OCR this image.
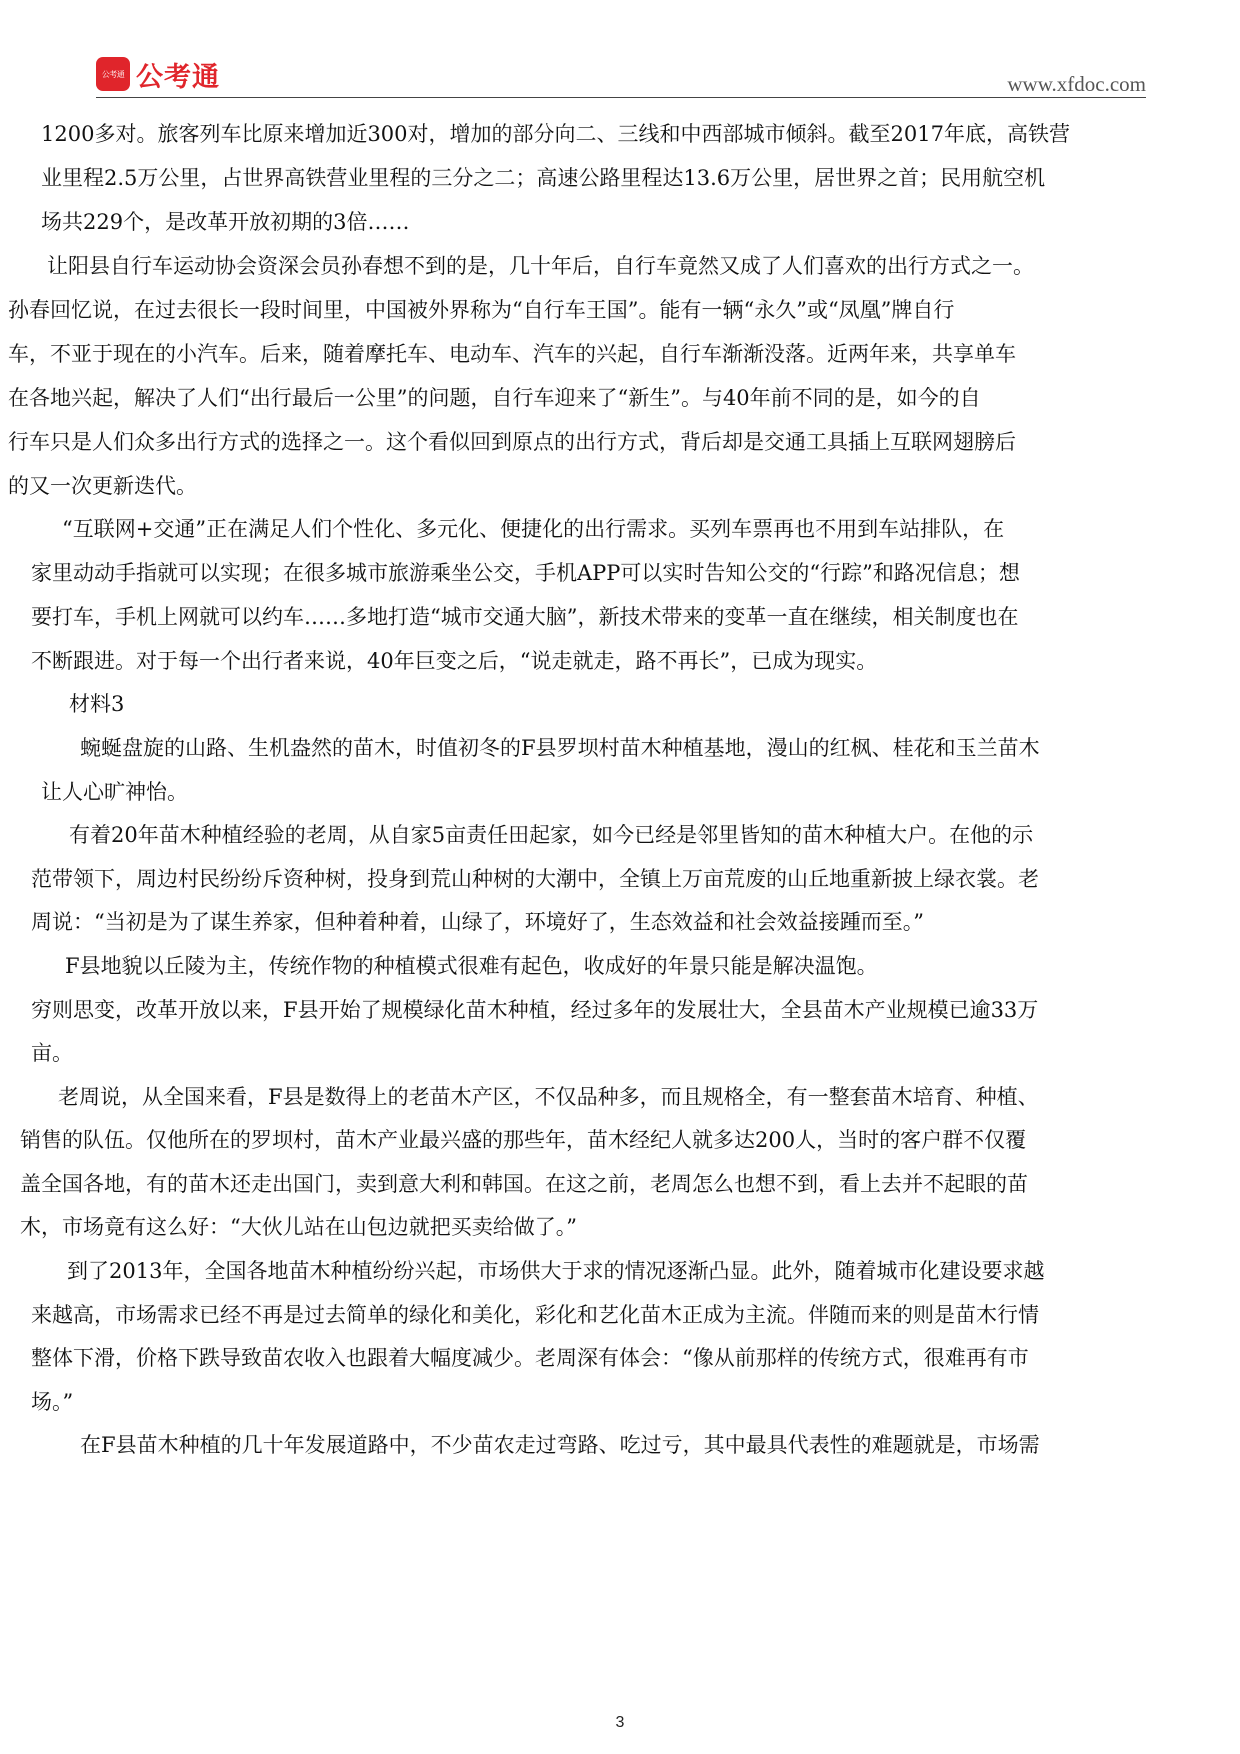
公考通 公考通	www.xfdoc.com
1200多对。旅客列车比原来增加近300对，增加的部分向二、三线和中西部城市倾斜。截至2017年底，高铁营
业里程2.5万公里，占世界高铁营业里程的三分之二；高速公路里程达13.6万公里，居世界之首；民用航空机
场共229个，是改革开放初期的3倍……
让阳县自行车运动协会资深会员孙春想不到的是，几十年后，自行车竟然又成了人们喜欢的出行方式之一。
孙春回忆说，在过去很长一段时间里，中国被外界称为“自行车王国”。能有一辆“永久”或“凤凰”牌自行
车，不亚于现在的小汽车。后来，随着摩托车、电动车、汽车的兴起，自行车渐渐没落。近两年来，共享单车
在各地兴起，解决了人们“出行最后一公里”的问题，自行车迎来了“新生”。与40年前不同的是，如今的自
行车只是人们众多出行方式的选择之一。这个看似回到原点的出行方式，背后却是交通工具插上互联网翅膀后
的又一次更新迭代。
“互联网+交通”正在满足人们个性化、多元化、便捷化的出行需求。买列车票再也不用到车站排队，在
家里动动手指就可以实现；在很多城市旅游乘坐公交，手机APP可以实时告知公交的“行踪”和路况信息；想
要打车，手机上网就可以约车……多地打造“城市交通大脑”，新技术带来的变革一直在继续，相关制度也在
不断跟进。对于每一个出行者来说，40年巨变之后，“说走就走，路不再长”，已成为现实。
材料3
蜿蜒盘旋的山路、生机盎然的苗木，时值初冬的F县罗坝村苗木种植基地，漫山的红枫、桂花和玉兰苗木
让人心旷神怡。
有着20年苗木种植经验的老周，从自家5亩责任田起家，如今已经是邻里皆知的苗木种植大户。在他的示
范带领下，周边村民纷纷斥资种树，投身到荒山种树的大潮中，全镇上万亩荒废的山丘地重新披上绿衣裳。老
周说：“当初是为了谋生养家，但种着种着，山绿了，环境好了，生态效益和社会效益接踵而至。”
F县地貌以丘陵为主，传统作物的种植模式很难有起色，收成好的年景只能是解决温饱。
穷则思变，改革开放以来，F县开始了规模绿化苗木种植，经过多年的发展壮大，全县苗木产业规模已逾33万
亩。
老周说，从全国来看，F县是数得上的老苗木产区，不仅品种多，而且规格全，有一整套苗木培育、种植、
销售的队伍。仅他所在的罗坝村，苗木产业最兴盛的那些年，苗木经纪人就多达200人，当时的客户群不仅覆
盖全国各地，有的苗木还走出国门，卖到意大利和韩国。在这之前，老周怎么也想不到，看上去并不起眼的苗
木，市场竟有这么好：“大伙儿站在山包边就把买卖给做了。”
到了2013年，全国各地苗木种植纷纷兴起，市场供大于求的情况逐渐凸显。此外，随着城市化建设要求越
来越高，市场需求已经不再是过去简单的绿化和美化，彩化和艺化苗木正成为主流。伴随而来的则是苗木行情
整体下滑，价格下跌导致苗农收入也跟着大幅度减少。老周深有体会：“像从前那样的传统方式，很难再有市
场。”
在F县苗木种植的几十年发展道路中，不少苗农走过弯路、吃过亏，其中最具代表性的难题就是，市场需
3
